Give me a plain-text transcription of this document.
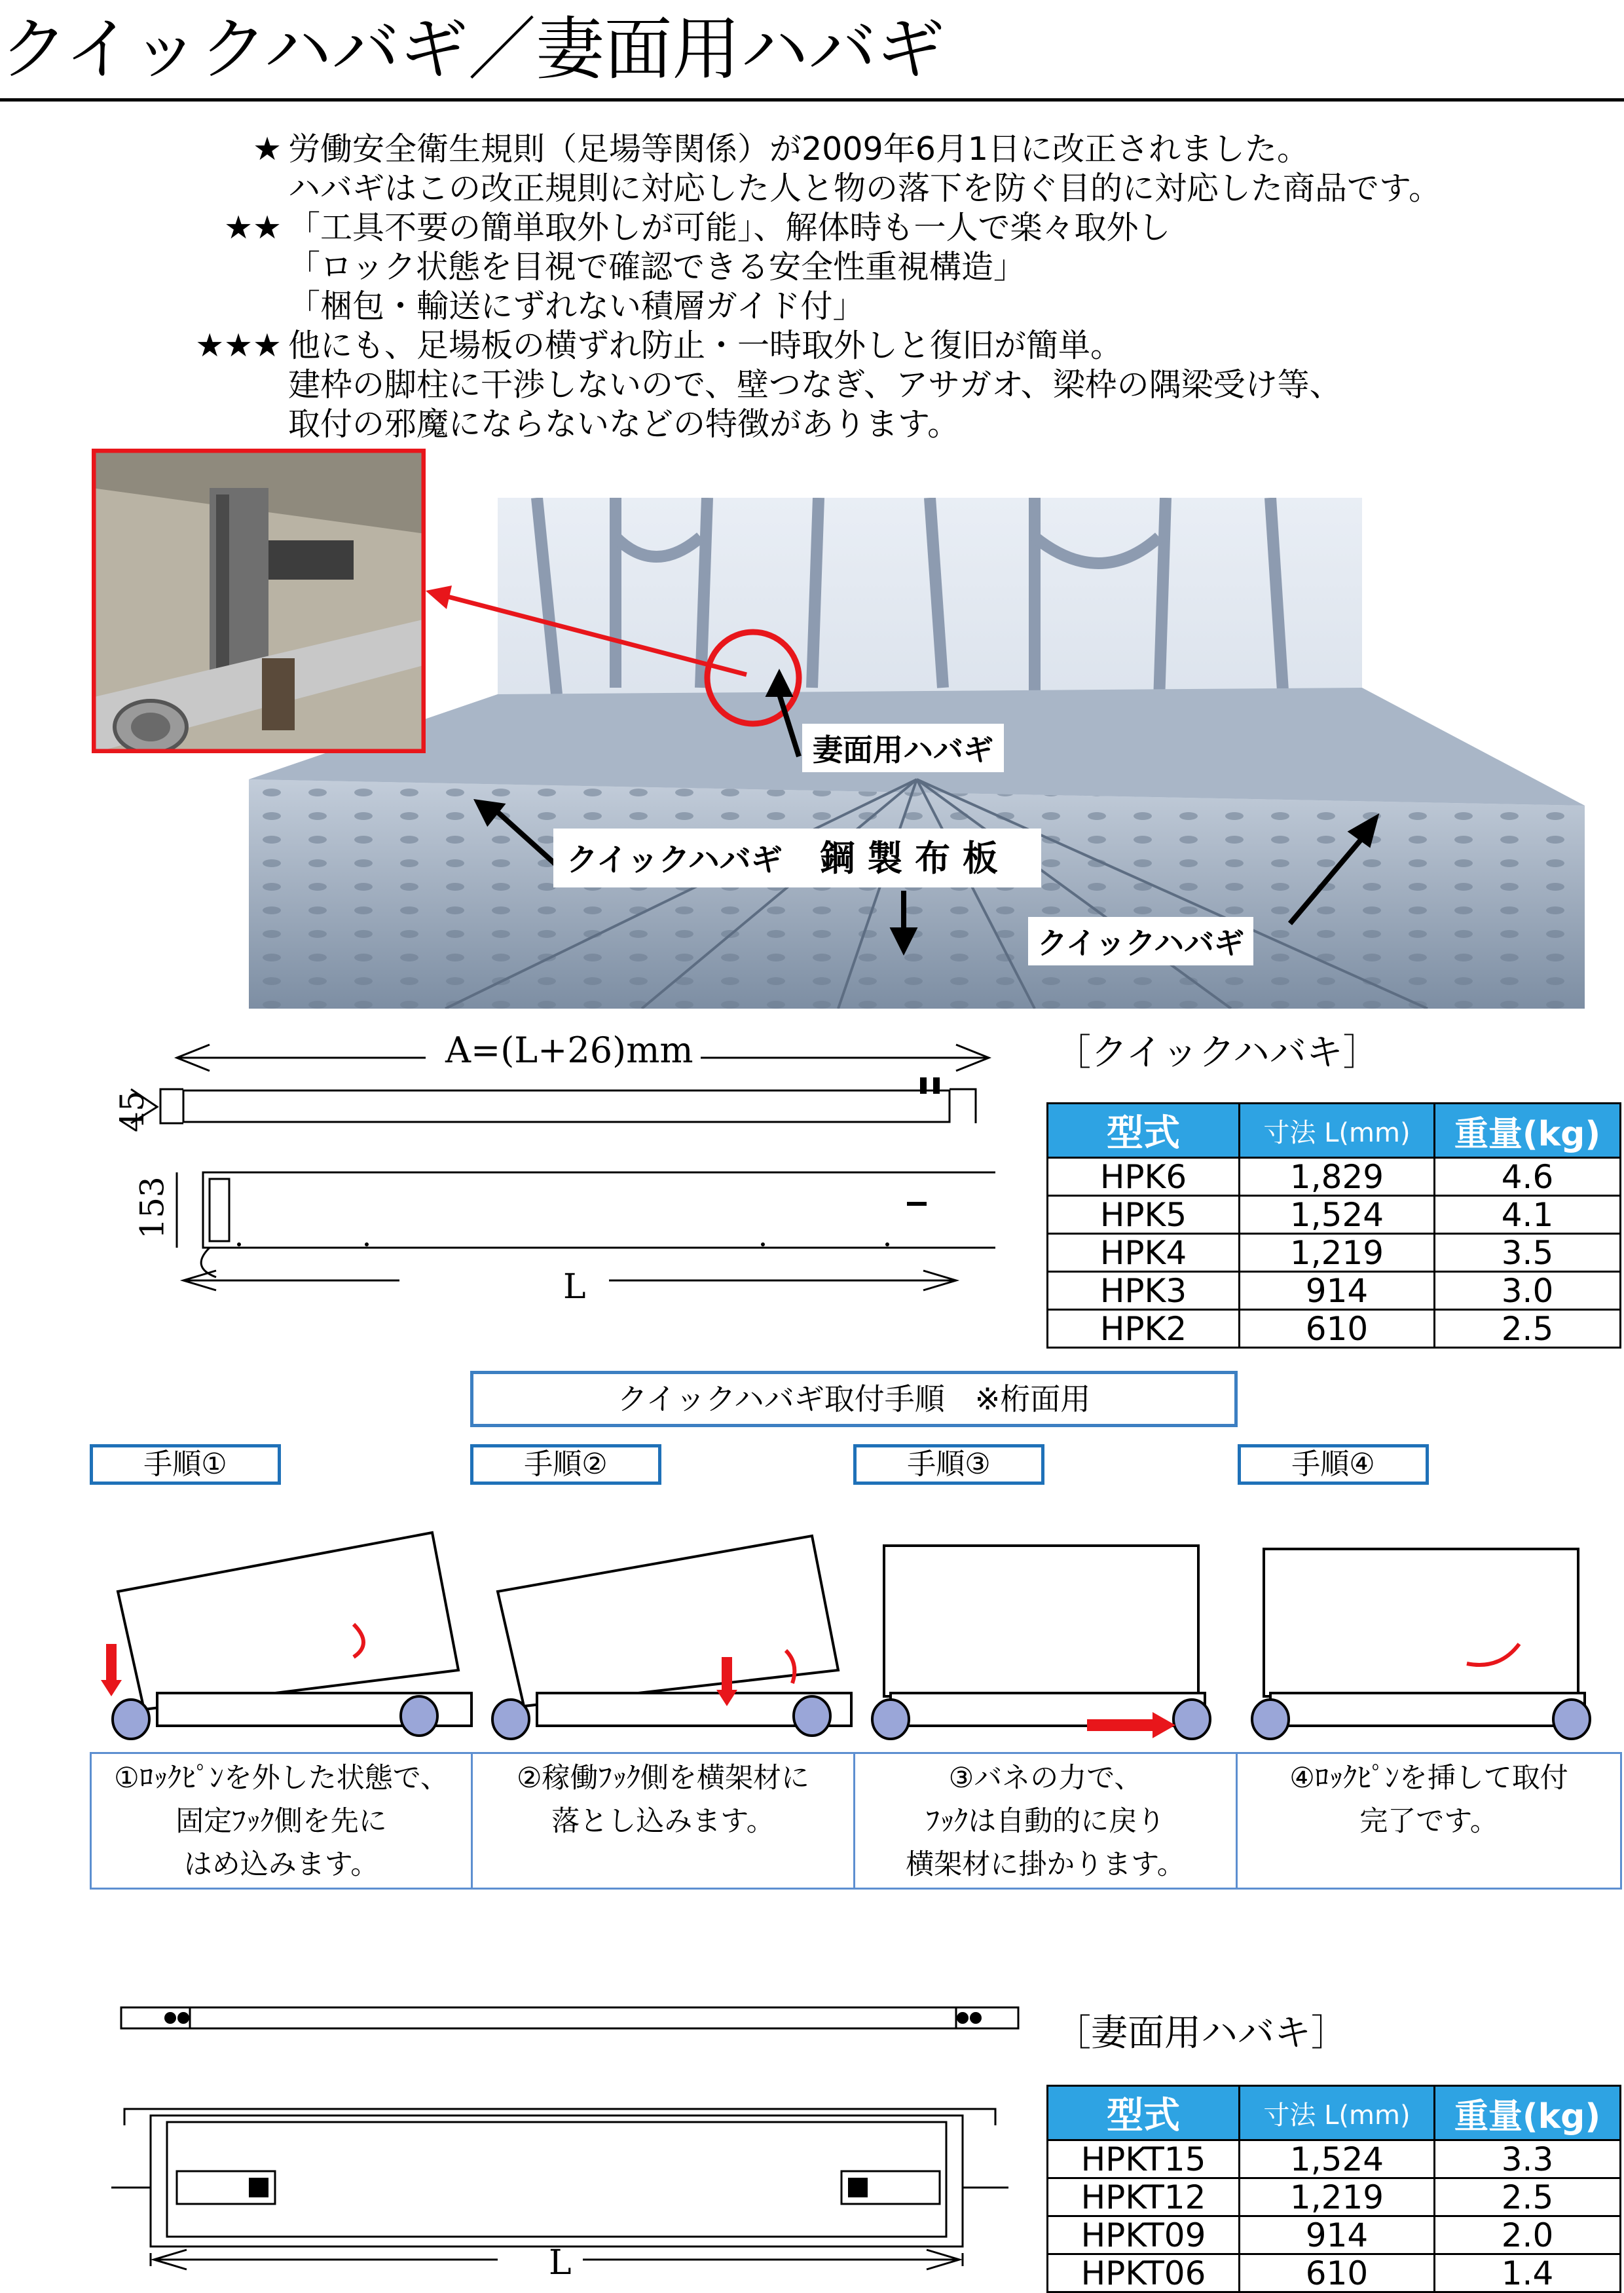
クイックハバギ／妻面用ハバギ
★ 労働安全衛生規則（足場等関係）が2009年6月1日に改正されました。
ハバギはこの改正規則に対応した人と物の落下を防ぐ目的に対応した商品です。
★★ 「工具不要の簡単取外しが可能」、解体時も一人で楽々取外し
「ロック状態を目視で確認できる安全性重視構造」
「梱包・輸送にずれない積層ガイド付」
★★★ 他にも、足場板の横ずれ防止・一時取外しと復旧が簡単。
建枠の脚柱に干渉しないので、壁つなぎ、アサガオ、梁枠の隅梁受け等、
取付の邪魔にならないなどの特徴があります。
妻面用ハバギ
クイックハバギ 鋼 製 布 板
クイックハバギ
A=(L+26)mm
45
153
L
［クイックハバキ］
型式	寸法 L(mm)	重量(kg)
HPK6	1,829	4.6
HPK5	1,524	4.1
HPK4	1,219	3.5
HPK3	914	3.0
HPK2	610	2.5
クイックハバギ取付手順　※桁面用
手順①	手順②	手順③	手順④
①ﾛｯｸﾋﾟﾝを外した状態で、
固定ﾌｯｸ側を先に
はめ込みます。
②稼働ﾌｯｸ側を横架材に
落とし込みます。
③バネの力で、
ﾌｯｸは自動的に戻り
横架材に掛かります。
④ﾛｯｸﾋﾟﾝを挿して取付
完了です。
L
［妻面用ハバキ］
型式	寸法 L(mm)	重量(kg)
HPKT15	1,524	3.3
HPKT12	1,219	2.5
HPKT09	914	2.0
HPKT06	610	1.4
